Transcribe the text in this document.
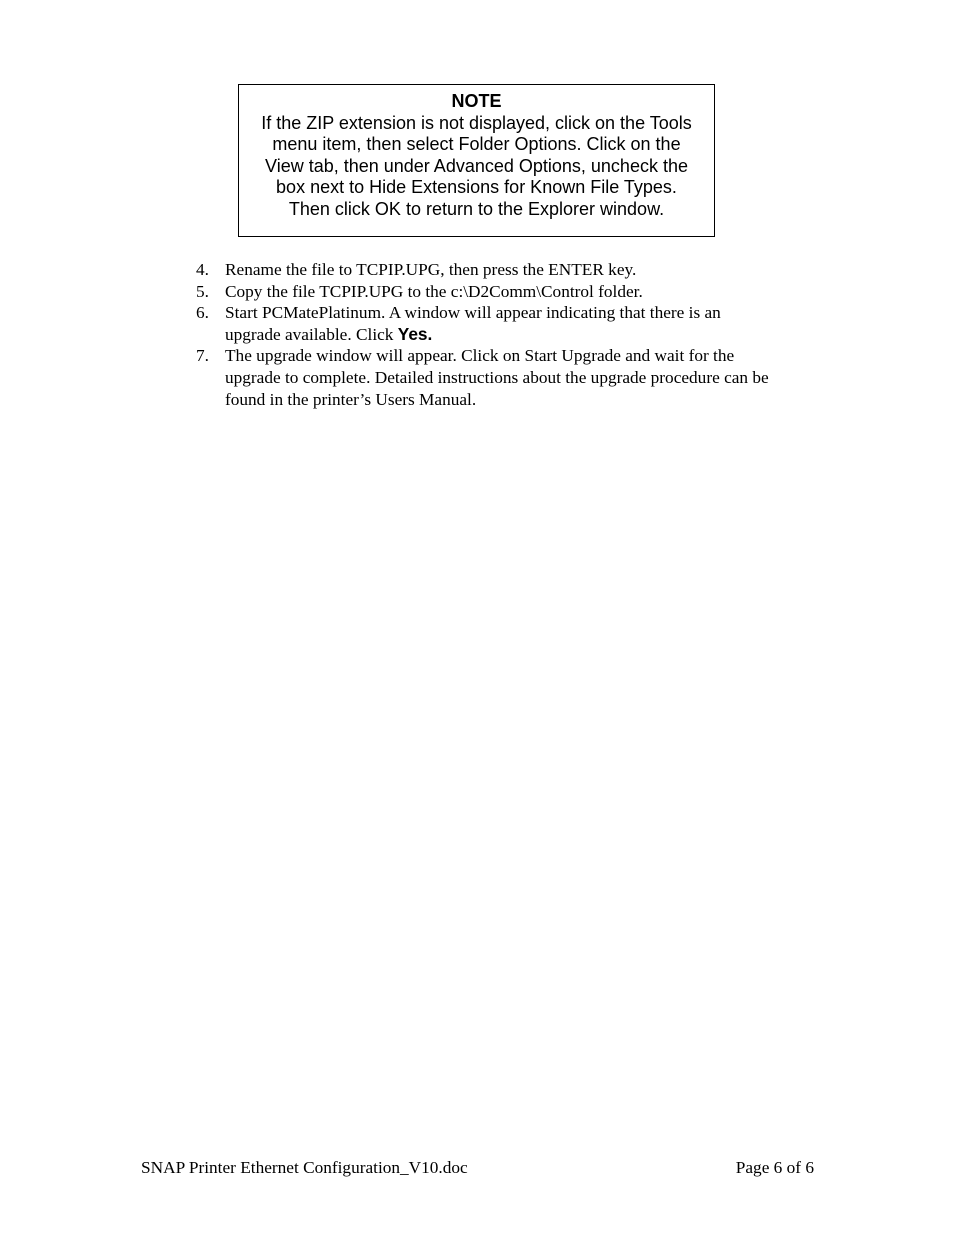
NOTE
If the ZIP extension is not displayed, click on the Tools
menu item, then select Folder Options. Click on the
View tab, then under Advanced Options, uncheck the
box next to Hide Extensions for Known File Types.
Then click OK to return to the Explorer window.
4. Rename the file to TCPIP.UPG, then press the ENTER key.
5. Copy the file TCPIP.UPG to the c:\D2Comm\Control folder.
6. Start PCMatePlatinum. A window will appear indicating that there is an
upgrade available. Click Yes.
7. The upgrade window will appear. Click on Start Upgrade and wait for the
upgrade to complete. Detailed instructions about the upgrade procedure can be
found in the printer’s Users Manual.
SNAP Printer Ethernet Configuration_V10.doc	Page 6 of 6
